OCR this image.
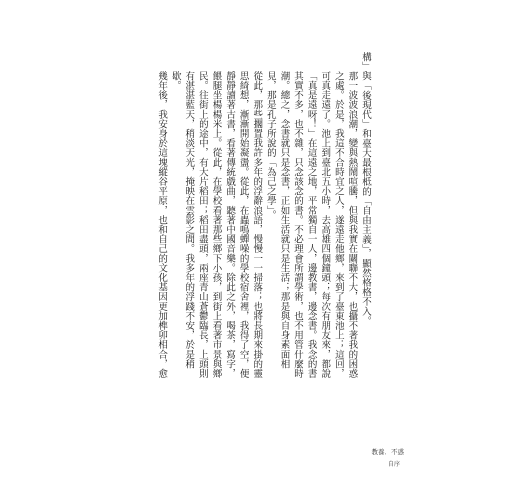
構」與「後現代」和臺大最根柢的「自由主義」，顯然格格不入。

那一波波浪潮，變與熱鬧喧騰，但與我實在關聯不大，也攝不著我的困惑之處。於是，我這不合時宜之人，遂遠走他鄉，來到了臺東池上；這回，可真走遠了。池上到臺北五小時，去高雄四個鐘頭；每次有朋友來，都說「真是遠呀！」在這遠之地，平常獨自一人，邊教書，邊念書。我念的書其實不多，也不雜，只念該念的書。不必理會所謂學術，也不用管什麼時潮。總之，念書就只是念書，正如生活就只是生活；那是與自身素面相見，那是孔子所說的「為己之學」。

從此，那些擱置我許多年的浮辭浪語，慢慢一一掃落；也將長期來掛的靈思綺想，漸漸開始凝盪。從此，在蟲鳴蟬噪的學校宿舍裡，我得了空，便靜靜讀著古書，看著傳統戲曲，聽著中國音樂。除此之外，喝茶，寫字，餵腿坐楊楊米上。從此，在學校看著那些鄉下小孩，到街上看著市景與鄉民。往街上的途中，有大片稻田；稻田盡頭，兩座青山蒼鬱臨長，上頭則有湛湛藍天，稍淡天光，掩映在雲影之間。我多年的浮踐不安，於是稍歇。

幾年後，我安身於這塊縱谷平原，也和自己的文化基因更加榫卯相合，愈

教養．不惑
自序
